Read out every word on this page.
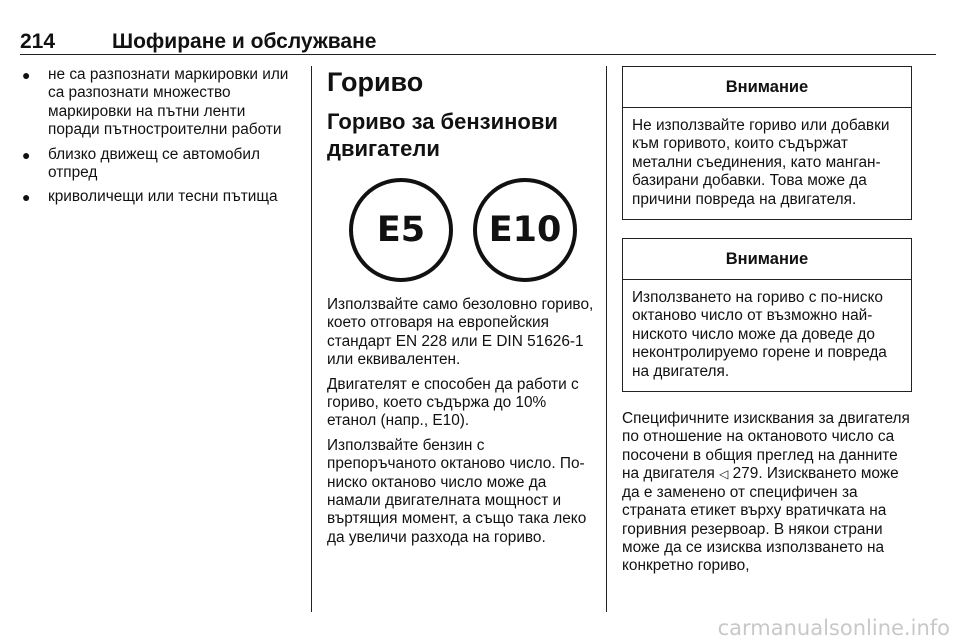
214	Шофиране и обслужване
● не са разпознати маркировки или са разпознати множество маркировки на пътни ленти поради пътностроителни работи
● близко движещ се автомобил отпред
● криволичещи или тесни пътища
Гориво
Гориво за бензинови двигатели
E5	E10

Използвайте само безоловно гориво, което отговаря на европейския стандарт EN 228 или E DIN 51626-1 или еквивалентен.

Двигателят е способен да работи с гориво, което съдържа до 10% етанол (напр., E10).

Използвайте бензин с препоръчаното октаново число. По-ниско октаново число може да намали двигателната мощност и въртящия момент, а също така леко да увеличи разхода на гориво.

Внимание
Не използвайте гориво или добавки към горивото, които съдържат метални съединения, като манган-базирани добавки. Това може да причини повреда на двигателя.
Внимание
Използването на гориво с по-ниско октаново число от възможно най-ниското число може да доведе до неконтролируемо горене и повреда на двигателя.

Специфичните изисквания за двигателя по отношение на октановото число са посочени в общия преглед на данните на двигателя ◁ 279. Изискването може да е заменено от специфичен за страната етикет върху вратичката на горивния резервоар. В някои страни може да се изисква използването на конкретно гориво,

carmanualsonline.info
